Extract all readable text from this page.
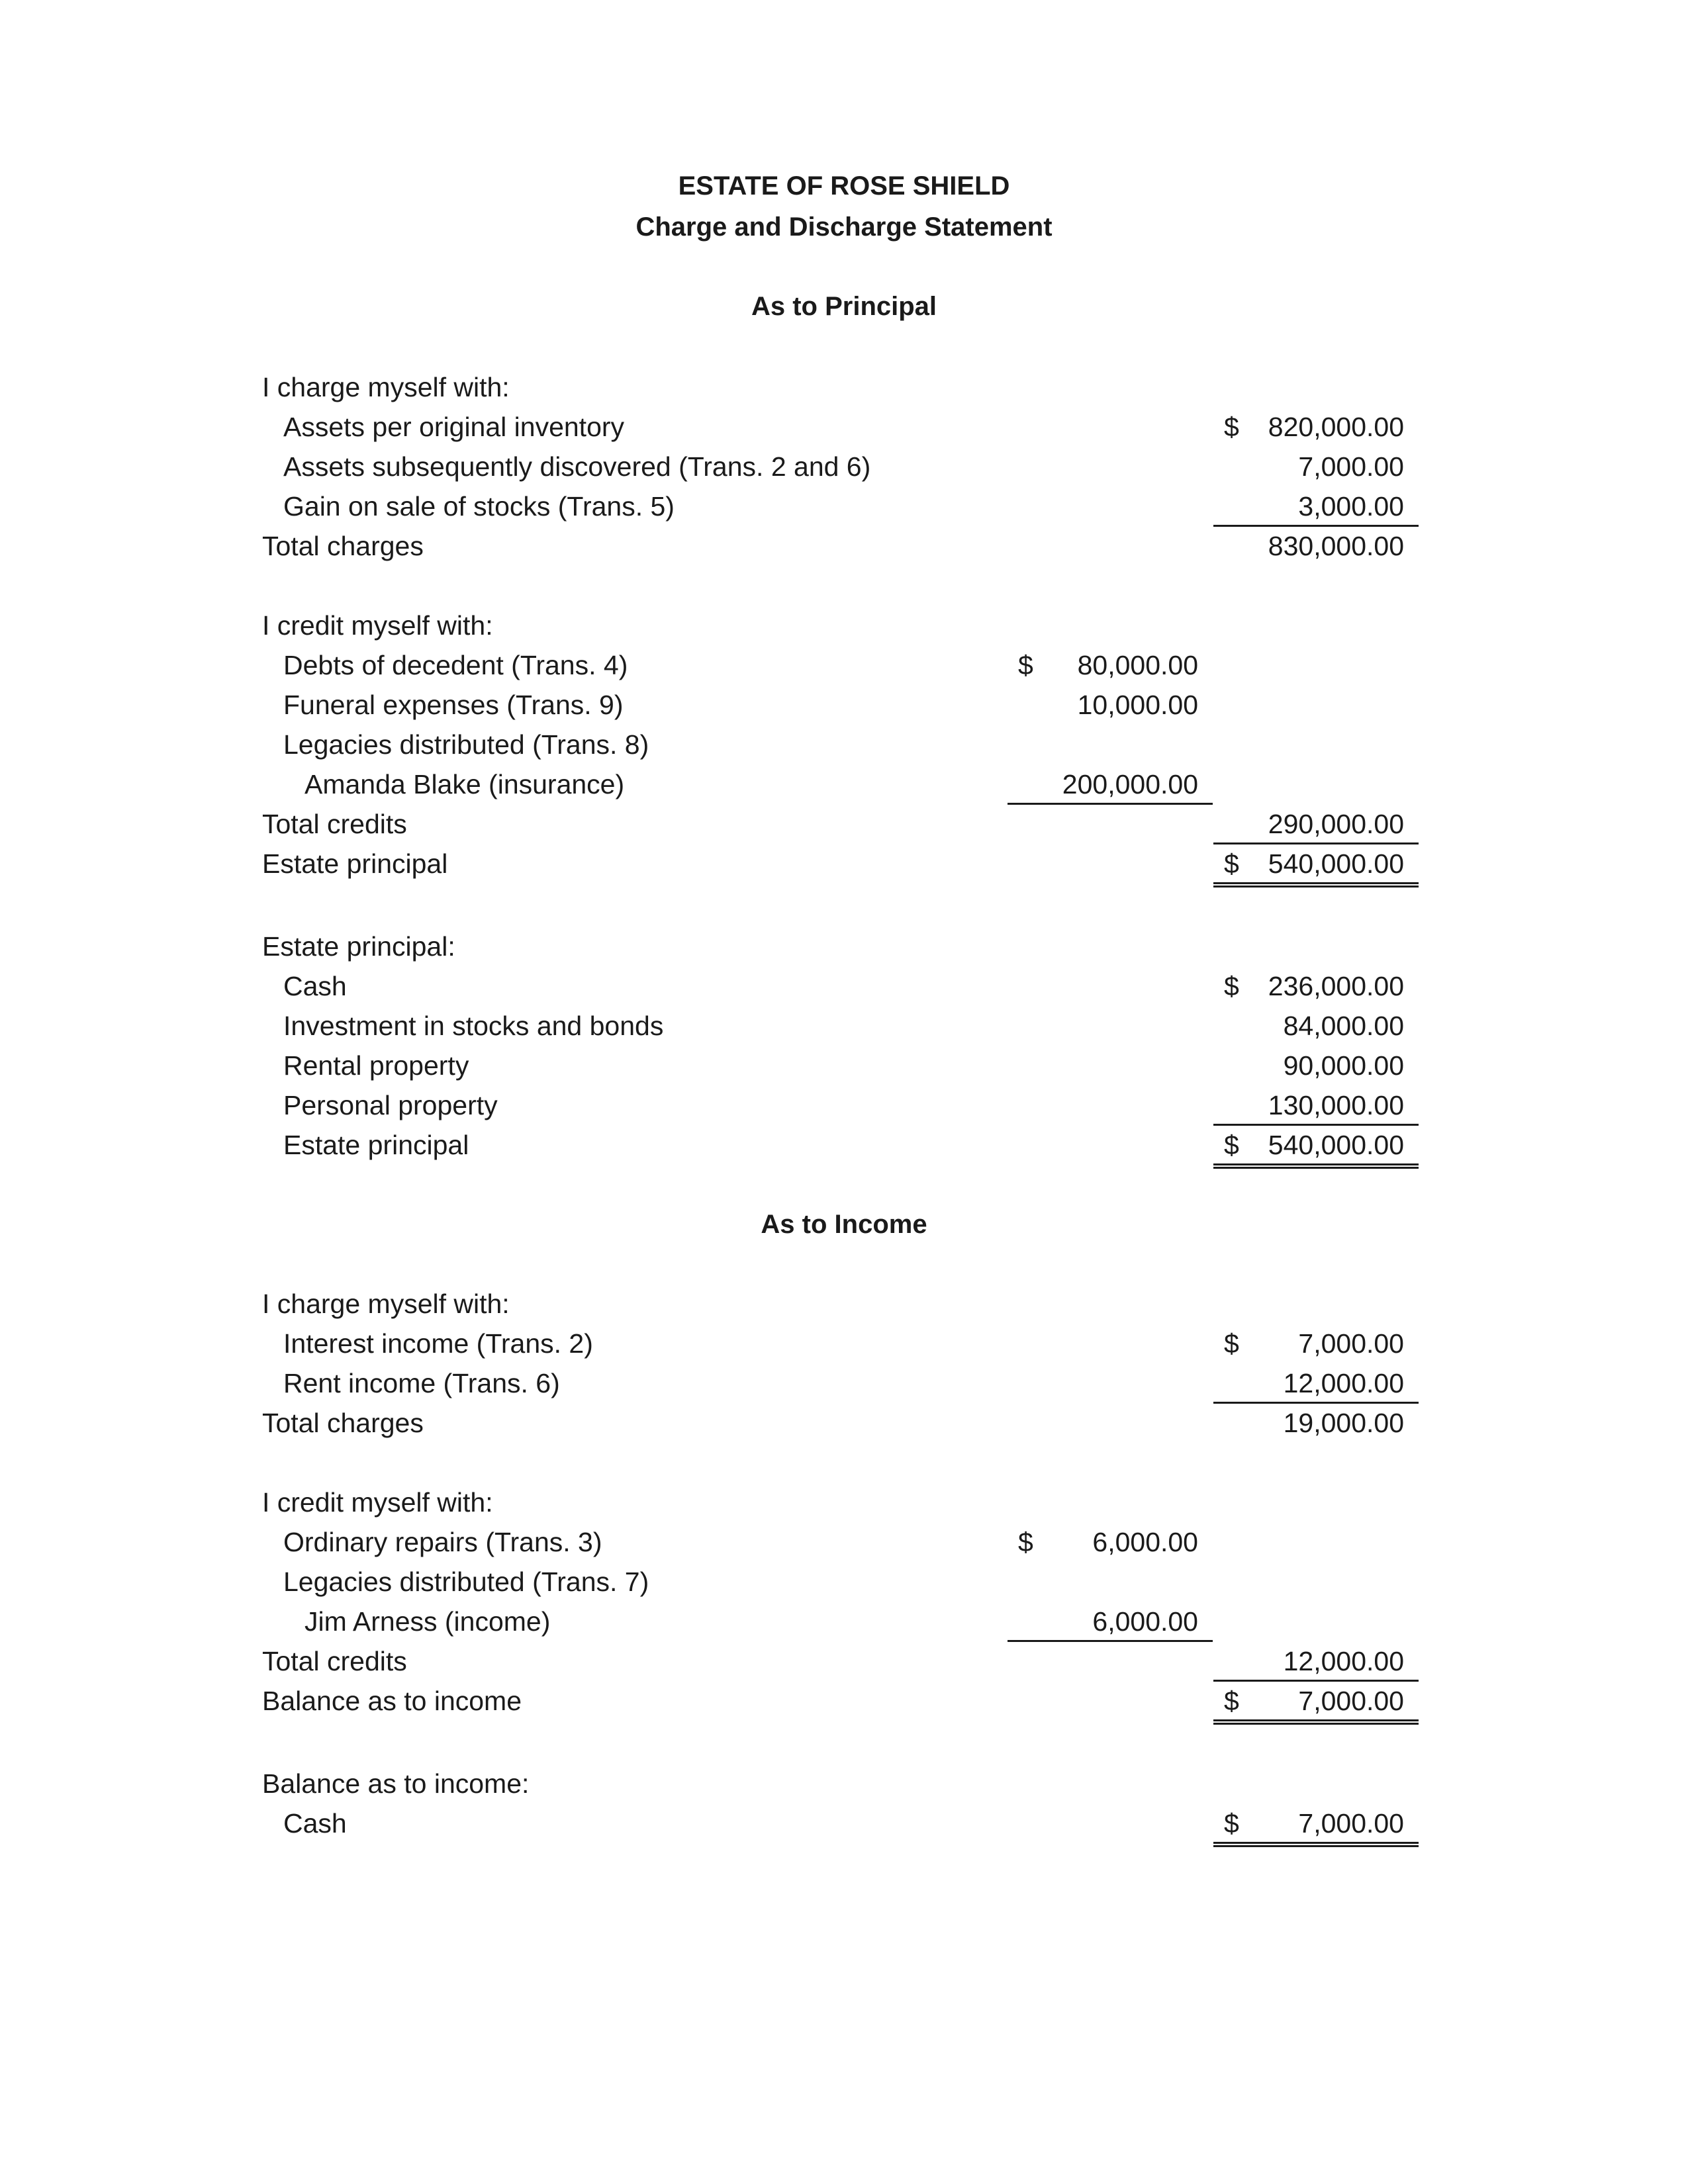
ESTATE OF ROSE SHIELD
Charge and Discharge Statement
As to Principal
I charge myself with:
Assets per original inventory	$ 820,000.00
Assets subsequently discovered (Trans. 2 and 6)	7,000.00
Gain on sale of stocks (Trans. 5)	3,000.00
Total charges	830,000.00
I credit myself with:
Debts of decedent (Trans. 4)	$ 80,000.00
Funeral expenses (Trans. 9)	10,000.00
Legacies distributed (Trans. 8)
Amanda Blake (insurance)	200,000.00
Total credits	290,000.00
Estate principal	$ 540,000.00
Estate principal:
Cash	$ 236,000.00
Investment in stocks and bonds	84,000.00
Rental property	90,000.00
Personal property	130,000.00
Estate principal	$ 540,000.00
As to Income
I charge myself with:
Interest income (Trans. 2)	$ 7,000.00
Rent income (Trans. 6)	12,000.00
Total charges	19,000.00
I credit myself with:
Ordinary repairs (Trans. 3)	$ 6,000.00
Legacies distributed (Trans. 7)
Jim Arness (income)	6,000.00
Total credits	12,000.00
Balance as to income	$ 7,000.00
Balance as to income:
Cash	$ 7,000.00
